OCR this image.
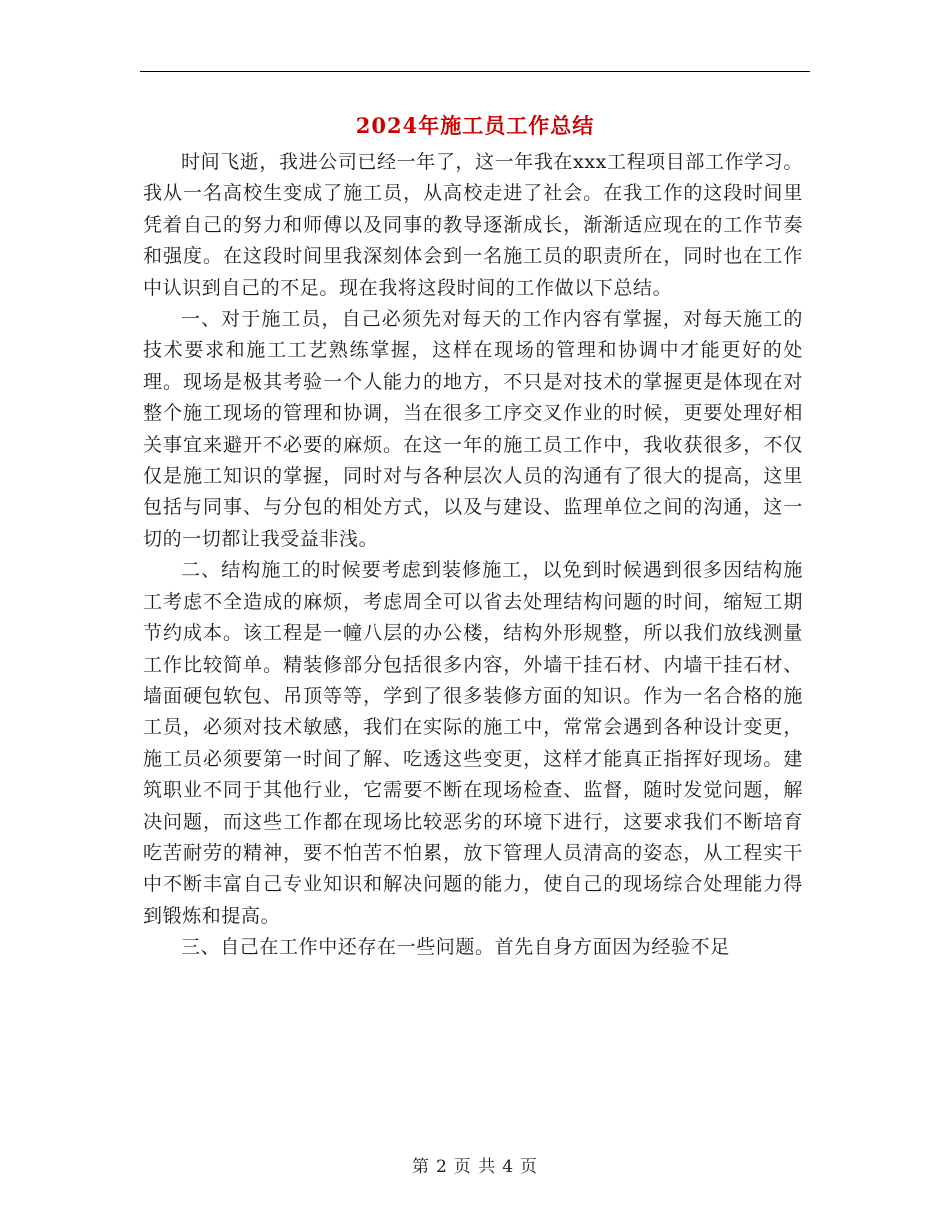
2024年施工员工作总结

时间飞逝，我进公司已经一年了，这一年我在xxx工程项目部工作学习。我从一名高校生变成了施工员，从高校走进了社会。在我工作的这段时间里凭着自己的努力和师傅以及同事的教导逐渐成长，渐渐适应现在的工作节奏和强度。在这段时间里我深刻体会到一名施工员的职责所在，同时也在工作中认识到自己的不足。现在我将这段时间的工作做以下总结。

一、对于施工员，自己必须先对每天的工作内容有掌握，对每天施工的技术要求和施工工艺熟练掌握，这样在现场的管理和协调中才能更好的处理。现场是极其考验一个人能力的地方，不只是对技术的掌握更是体现在对整个施工现场的管理和协调，当在很多工序交叉作业的时候，更要处理好相关事宜来避开不必要的麻烦。在这一年的施工员工作中，我收获很多，不仅仅是施工知识的掌握，同时对与各种层次人员的沟通有了很大的提高，这里包括与同事、与分包的相处方式，以及与建设、监理单位之间的沟通，这一切的一切都让我受益非浅。

二、结构施工的时候要考虑到装修施工，以免到时候遇到很多因结构施工考虑不全造成的麻烦，考虑周全可以省去处理结构问题的时间，缩短工期节约成本。该工程是一幢八层的办公楼，结构外形规整，所以我们放线测量工作比较简单。精装修部分包括很多内容，外墙干挂石材、内墙干挂石材、墙面硬包软包、吊顶等等，学到了很多装修方面的知识。作为一名合格的施工员，必须对技术敏感，我们在实际的施工中，常常会遇到各种设计变更，施工员必须要第一时间了解、吃透这些变更，这样才能真正指挥好现场。建筑职业不同于其他行业，它需要不断在现场检查、监督，随时发觉问题，解决问题，而这些工作都在现场比较恶劣的环境下进行，这要求我们不断培育吃苦耐劳的精神，要不怕苦不怕累，放下管理人员清高的姿态，从工程实干中不断丰富自己专业知识和解决问题的能力，使自己的现场综合处理能力得到锻炼和提高。

三、自己在工作中还存在一些问题。首先自身方面因为经验不足

第 2 页 共 4 页
